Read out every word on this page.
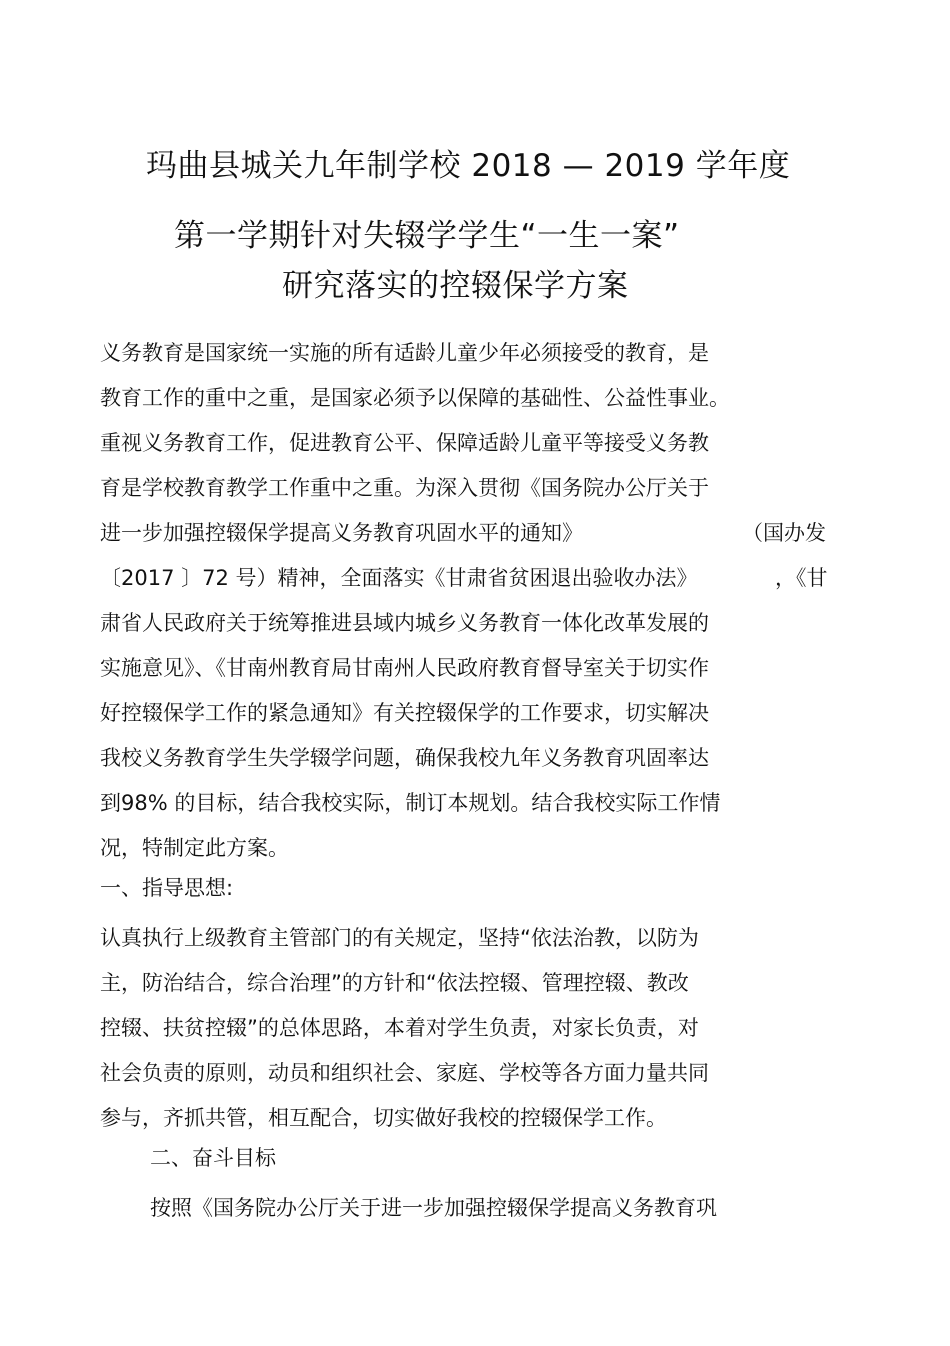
玛曲县城关九年制学校 2018 — 2019 学年度
第一学期针对失辍学学生“一生一案”
研究落实的控辍保学方案
义务教育是国家统一实施的所有适龄儿童少年必须接受的教育，是
教育工作的重中之重，是国家必须予以保障的基础性、公益性事业。
重视义务教育工作，促进教育公平、保障适龄儿童平等接受义务教
育是学校教育教学工作重中之重。为深入贯彻《国务院办公厅关于
进一步加强控辍保学提高义务教育巩固水平的通知》	（国办发
〔2017 〕72 号）精神，全面落实《甘肃省贫困退出验收办法》	，《甘
肃省人民政府关于统筹推进县域内城乡义务教育一体化改革发展的
实施意见》、《甘南州教育局甘南州人民政府教育督导室关于切实作
好控辍保学工作的紧急通知》有关控辍保学的工作要求，切实解决
我校义务教育学生失学辍学问题，确保我校九年义务教育巩固率达
到98% 的目标，结合我校实际，制订本规划。结合我校实际工作情
况，特制定此方案。
一、指导思想:
认真执行上级教育主管部门的有关规定，坚持“依法治教，以防为
主，防治结合，综合治理”的方针和“依法控辍、管理控辍、教改
控辍、扶贫控辍”的总体思路，本着对学生负责，对家长负责，对
社会负责的原则，动员和组织社会、家庭、学校等各方面力量共同
参与，齐抓共管，相互配合，切实做好我校的控辍保学工作。
二、奋斗目标
按照《国务院办公厅关于进一步加强控辍保学提高义务教育巩
